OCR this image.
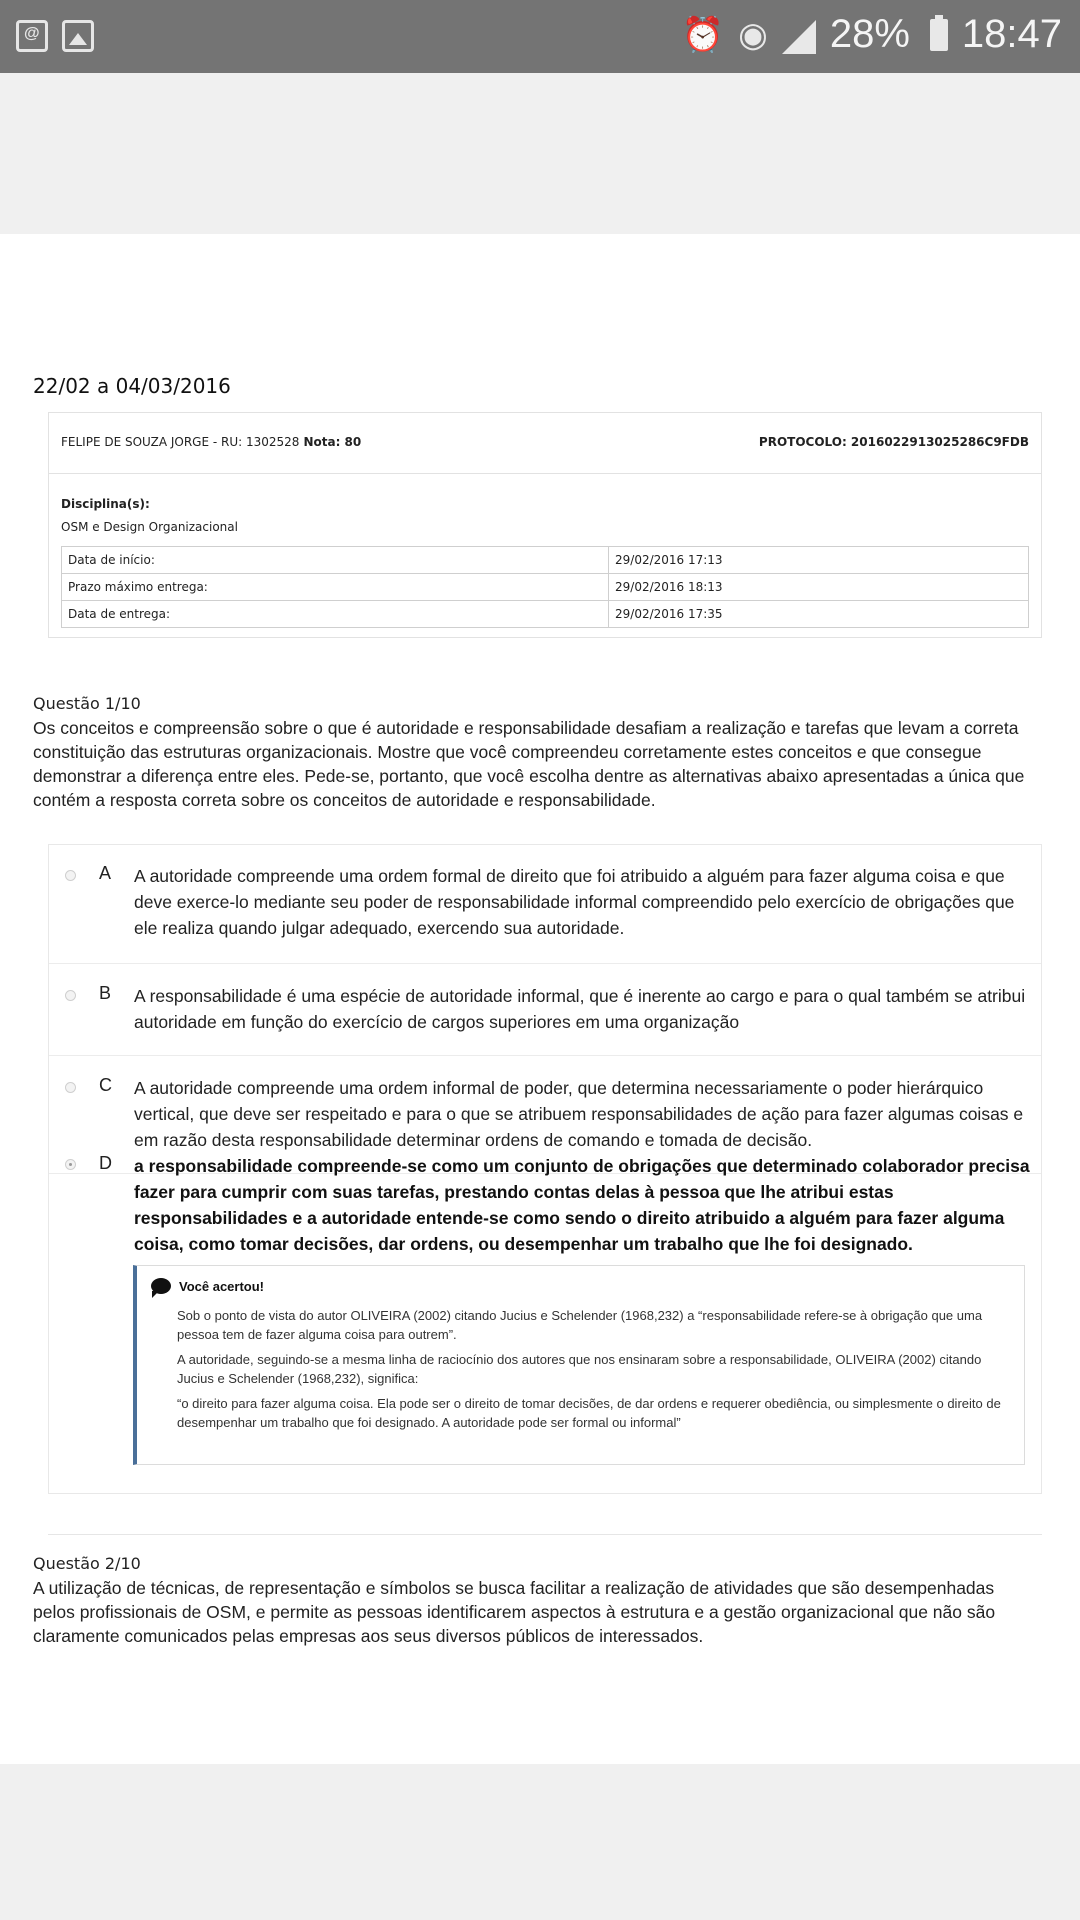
@
⏰ ◉ 28% 18:47
22/02 a 04/03/2016
FELIPE DE SOUZA JORGE - RU: 1302528 Nota: 80	PROTOCOLO: 2016022913025286C9FDB
Disciplina(s):
OSM e Design Organizacional
Data de início:	29/02/2016 17:13
Prazo máximo entrega:	29/02/2016 18:13
Data de entrega:	29/02/2016 17:35
Questão 1/10
Os conceitos e compreensão sobre o que é autoridade e responsabilidade desafiam a realização e tarefas que levam a correta constituição das estruturas organizacionais. Mostre que você compreendeu corretamente estes conceitos e que consegue demonstrar a diferença entre eles. Pede-se, portanto, que você escolha dentre as alternativas abaixo apresentadas a única que contém a resposta correta sobre os conceitos de autoridade e responsabilidade.
A A autoridade compreende uma ordem formal de direito que foi atribuido a alguém para fazer alguma coisa e que deve exerce-lo mediante seu poder de responsabilidade informal compreendido pelo exercício de obrigações que ele realiza quando julgar adequado, exercendo sua autoridade.
B A responsabilidade é uma espécie de autoridade informal, que é inerente ao cargo e para o qual também se atribui autoridade em função do exercício de cargos superiores em uma organização
C A autoridade compreende uma ordem informal de poder, que determina necessariamente o poder hierárquico vertical, que deve ser respeitado e para o que se atribuem responsabilidades de ação para fazer algumas coisas e em razão desta responsabilidade determinar ordens de comando e tomada de decisão.
D a responsabilidade compreende-se como um conjunto de obrigações que determinado colaborador precisa fazer para cumprir com suas tarefas, prestando contas delas à pessoa que lhe atribui estas responsabilidades e a autoridade entende-se como sendo o direito atribuido a alguém para fazer alguma coisa, como tomar decisões, dar ordens, ou desempenhar um trabalho que lhe foi designado.
Você acertou!
Sob o ponto de vista do autor OLIVEIRA (2002) citando Jucius e Schelender (1968,232) a “responsabilidade refere-se à obrigação que uma pessoa tem de fazer alguma coisa para outrem”.
A autoridade, seguindo-se a mesma linha de raciocínio dos autores que nos ensinaram sobre a responsabilidade, OLIVEIRA (2002) citando Jucius e Schelender (1968,232), significa:
“o direito para fazer alguma coisa. Ela pode ser o direito de tomar decisões, de dar ordens e requerer obediência, ou simplesmente o direito de desempenhar um trabalho que foi designado. A autoridade pode ser formal ou informal”
Questão 2/10
A utilização de técnicas, de representação e símbolos se busca facilitar a realização de atividades que são desempenhadas pelos profissionais de OSM, e permite as pessoas identificarem aspectos à estrutura e a gestão organizacional que não são claramente comunicados pelas empresas aos seus diversos públicos de interessados.
